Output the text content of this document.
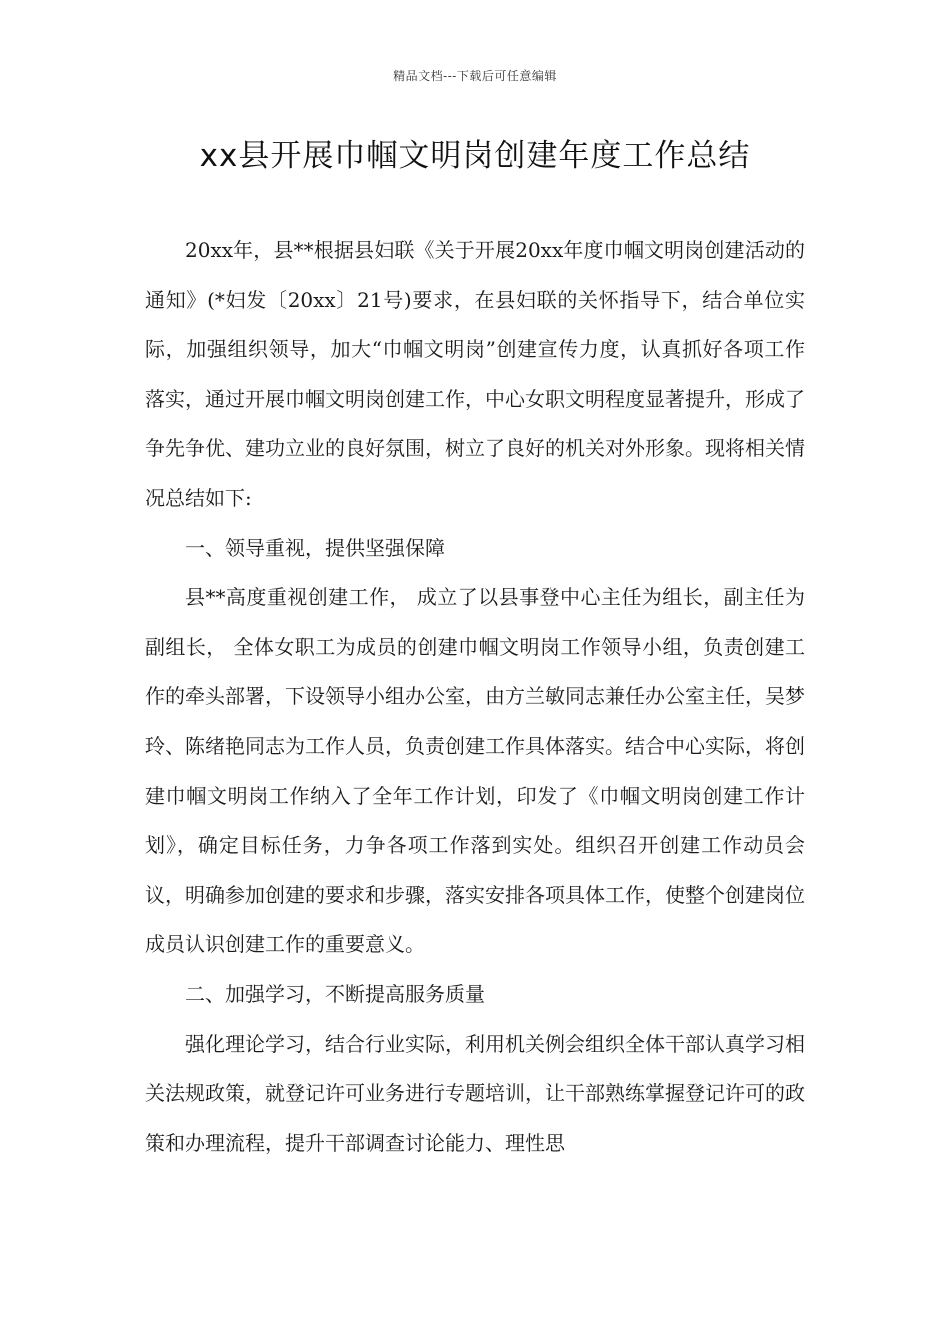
精品文档---下载后可任意编辑
xx县开展巾帼文明岗创建年度工作总结

20xx年，县**根据县妇联《关于开展20xx年度巾帼文明岗创建活动的通知》(*妇发〔20xx〕21号)要求，在县妇联的关怀指导下，结合单位实际，加强组织领导，加大“巾帼文明岗”创建宣传力度，认真抓好各项工作落实，通过开展巾帼文明岗创建工作，中心女职文明程度显著提升，形成了争先争优、建功立业的良好氛围，树立了良好的机关对外形象。现将相关情况总结如下:

一、领导重视，提供坚强保障

县**高度重视创建工作， 成立了以县事登中心主任为组长，副主任为副组长， 全体女职工为成员的创建巾帼文明岗工作领导小组，负责创建工作的牵头部署，下设领导小组办公室，由方兰敏同志兼任办公室主任，吴梦玲、陈绪艳同志为工作人员，负责创建工作具体落实。结合中心实际，将创建巾帼文明岗工作纳入了全年工作计划，印发了《巾帼文明岗创建工作计划》，确定目标任务，力争各项工作落到实处。组织召开创建工作动员会议，明确参加创建的要求和步骤，落实安排各项具体工作，使整个创建岗位成员认识创建工作的重要意义。

二、加强学习，不断提高服务质量

强化理论学习，结合行业实际，利用机关例会组织全体干部认真学习相关法规政策，就登记许可业务进行专题培训，让干部熟练掌握登记许可的政策和办理流程，提升干部调查讨论能力、理性思
